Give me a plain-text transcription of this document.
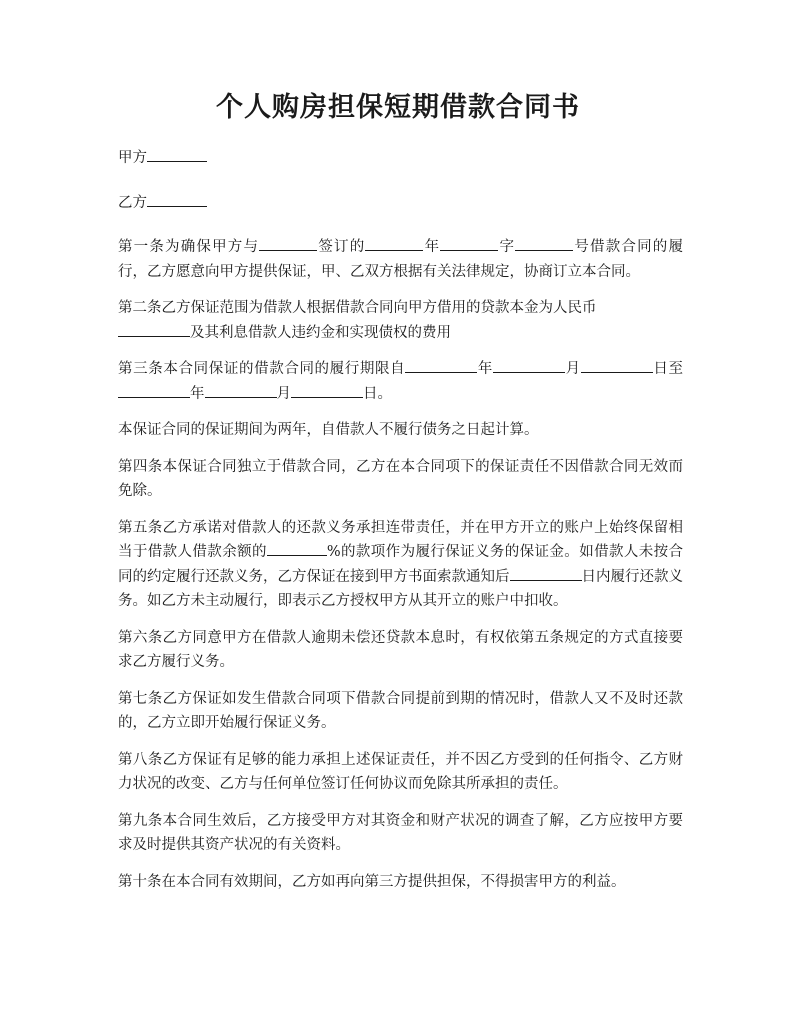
个人购房担保短期借款合同书

甲方

乙方

第一条为确保甲方与	签订的	年	字	号借款合同的履行，乙方愿意向甲方提供保证，甲、乙双方根据有关法律规定，协商订立本合同。

第二条乙方保证范围为借款人根据借款合同向甲方借用的贷款本金为人民币
及其利息借款人违约金和实现债权的费用

第三条本合同保证的借款合同的履行期限自	年	月	日至年	月	日。

本保证合同的保证期间为两年，自借款人不履行债务之日起计算。

第四条本保证合同独立于借款合同，乙方在本合同项下的保证责任不因借款合同无效而免除。

第五条乙方承诺对借款人的还款义务承担连带责任，并在甲方开立的账户上始终保留相当于借款人借款余额的	%的款项作为履行保证义务的保证金。如借款人未按合同的约定履行还款义务，乙方保证在接到甲方书面索款通知后	日内履行还款义务。如乙方未主动履行，即表示乙方授权甲方从其开立的账户中扣收。

第六条乙方同意甲方在借款人逾期未偿还贷款本息时，有权依第五条规定的方式直接要求乙方履行义务。

第七条乙方保证如发生借款合同项下借款合同提前到期的情况时，借款人又不及时还款的，乙方立即开始履行保证义务。

第八条乙方保证有足够的能力承担上述保证责任，并不因乙方受到的任何指令、乙方财力状况的改变、乙方与任何单位签订任何协议而免除其所承担的责任。

第九条本合同生效后，乙方接受甲方对其资金和财产状况的调查了解，乙方应按甲方要求及时提供其资产状况的有关资料。

第十条在本合同有效期间，乙方如再向第三方提供担保，不得损害甲方的利益。
